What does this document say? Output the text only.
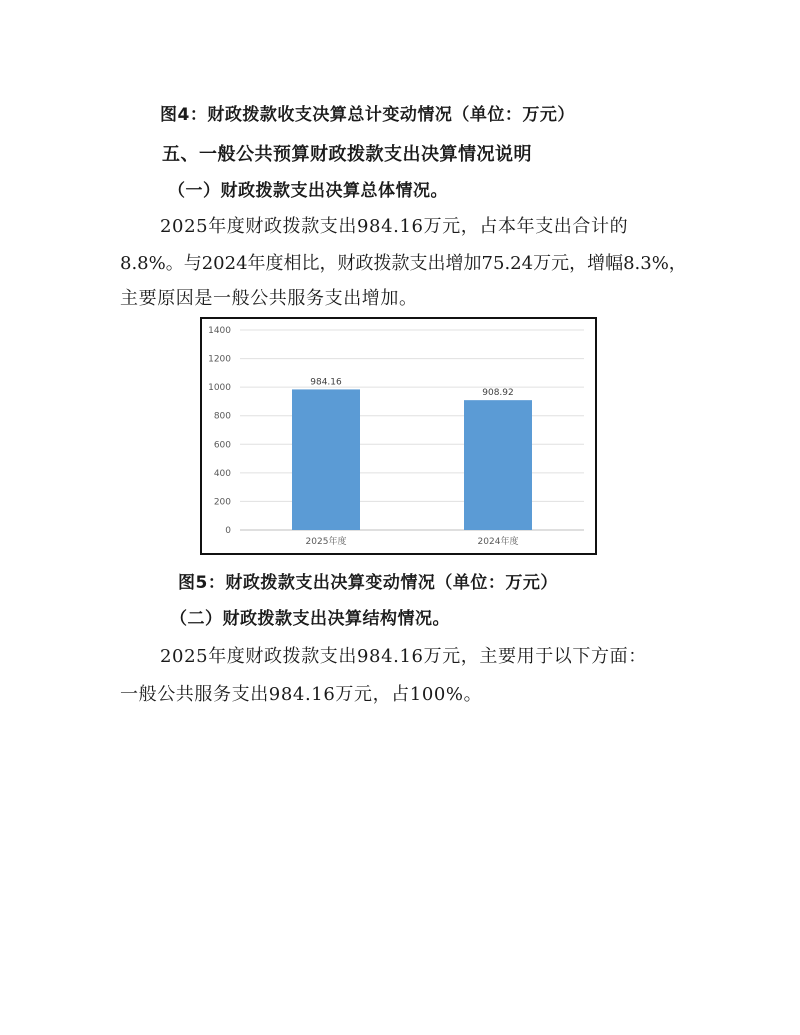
图4：财政拨款收支决算总计变动情况（单位：万元）
五、一般公共预算财政拨款支出决算情况说明
（一）财政拨款支出决算总体情况。
2025年度财政拨款支出984.16万元，占本年支出合计的
8.8%。与2024年度相比，财政拨款支出增加75.24万元，增幅8.3%，
主要原因是一般公共服务支出增加。
0
200
400
600
800
1000
1200
1400
984.16
2025年度
908.92
2024年度
图5：财政拨款支出决算变动情况（单位：万元）
（二）财政拨款支出决算结构情况。
2025年度财政拨款支出984.16万元，主要用于以下方面：
一般公共服务支出984.16万元，占100%。
